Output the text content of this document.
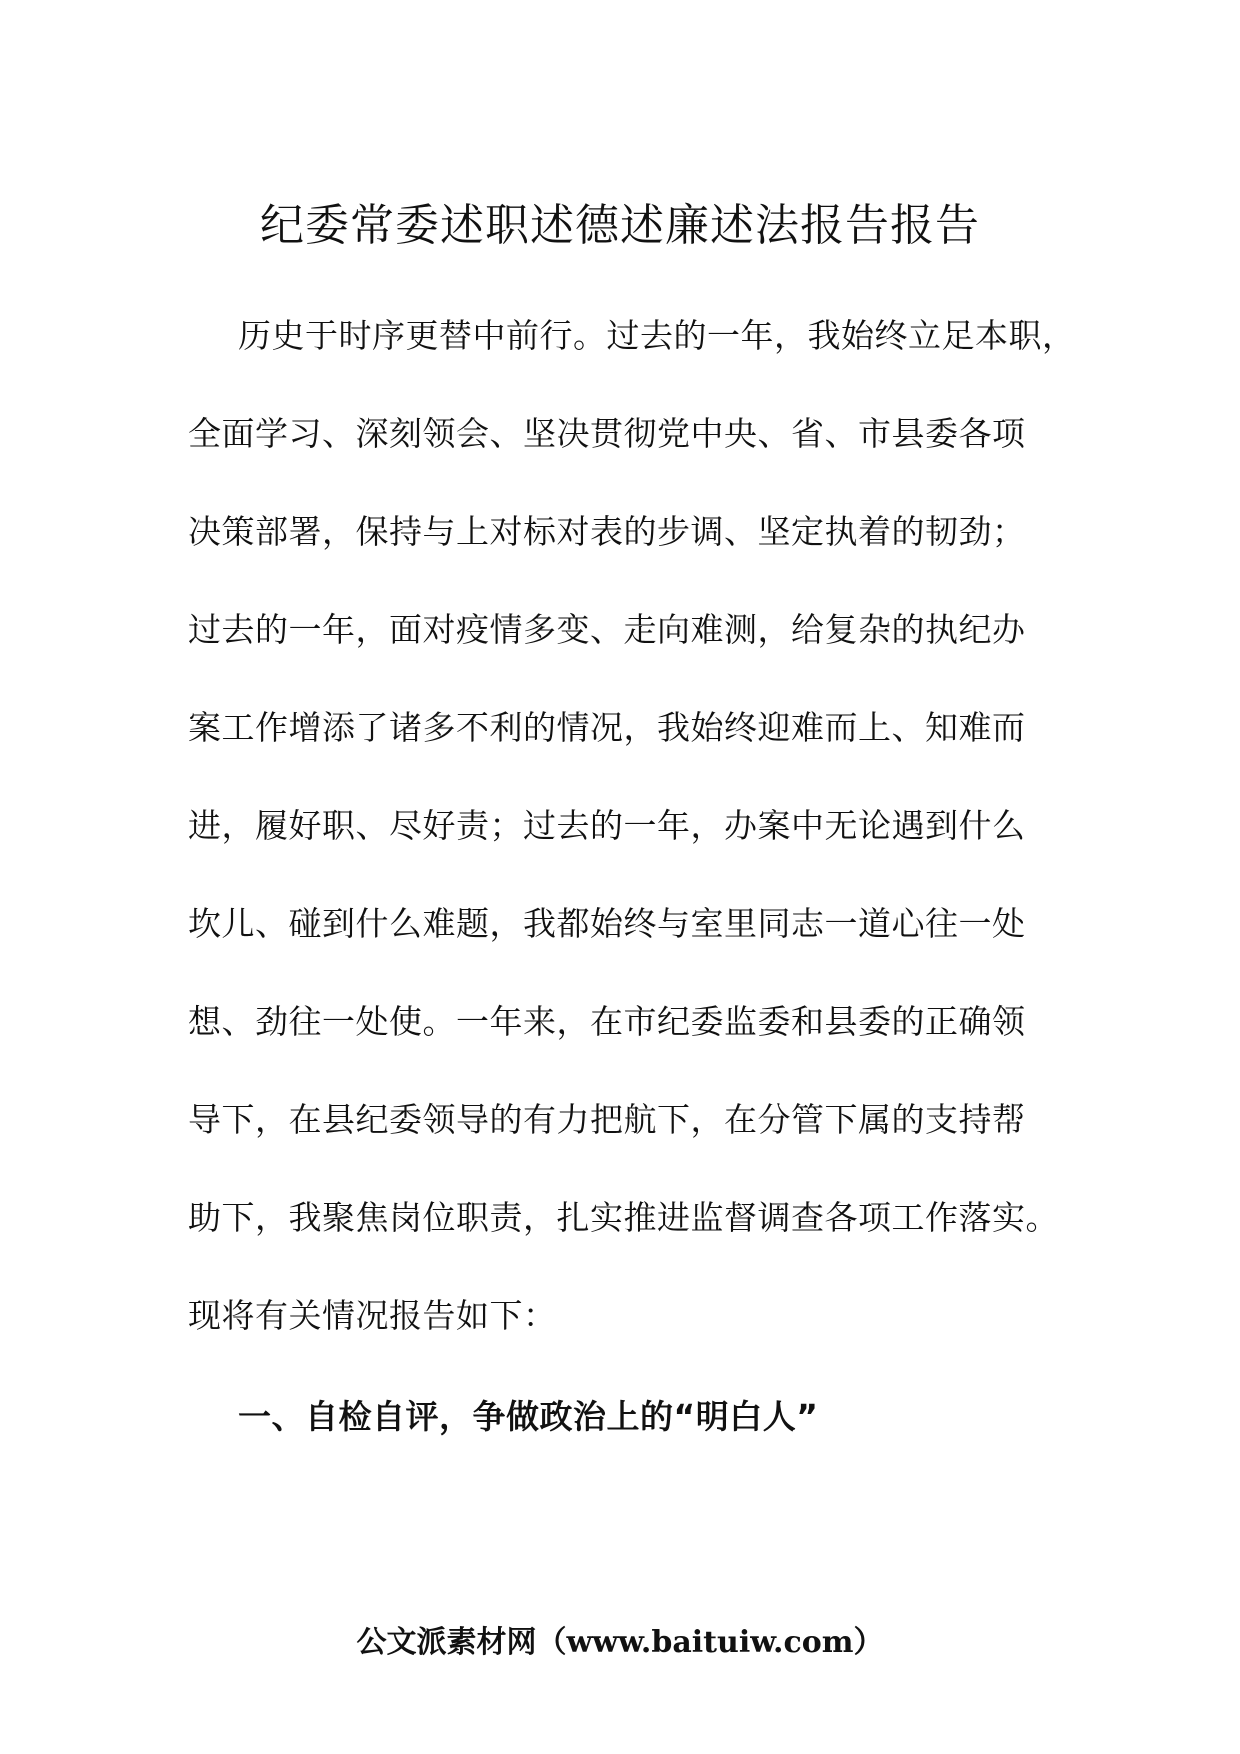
纪委常委述职述德述廉述法报告报告
历史于时序更替中前行。过去的一年，我始终立足本职，
全面学习、深刻领会、坚决贯彻党中央、省、市县委各项
决策部署，保持与上对标对表的步调、坚定执着的韧劲；
过去的一年，面对疫情多变、走向难测，给复杂的执纪办
案工作增添了诸多不利的情况，我始终迎难而上、知难而
进，履好职、尽好责；过去的一年，办案中无论遇到什么
坎儿、碰到什么难题，我都始终与室里同志一道心往一处
想、劲往一处使。一年来，在市纪委监委和县委的正确领
导下，在县纪委领导的有力把航下，在分管下属的支持帮
助下，我聚焦岗位职责，扎实推进监督调查各项工作落实。
现将有关情况报告如下：
一、自检自评，争做政治上的“明白人”
公文派素材网（www.baituiw.com）
